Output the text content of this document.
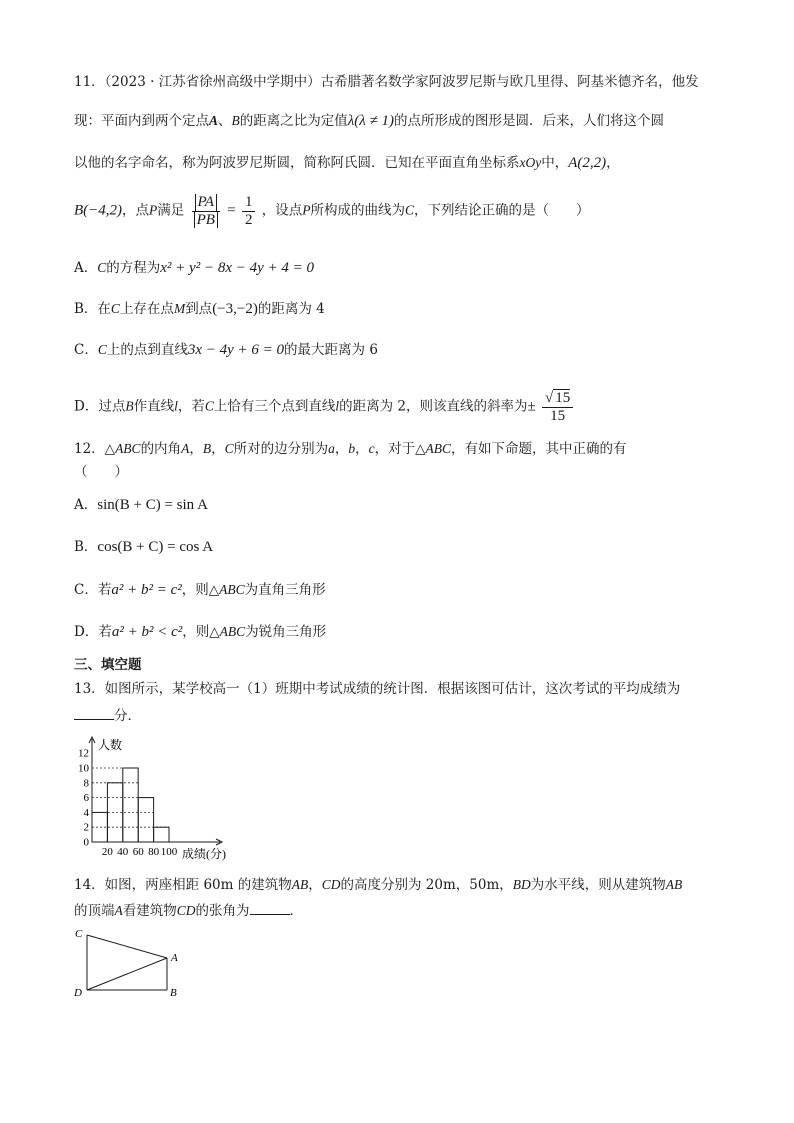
11．（2023 · 江苏省徐州高级中学期中）古希腊著名数学家阿波罗尼斯与欧几里得、阿基米德齐名，他发
现：平面内到两个定点A、B的距离之比为定值λ(λ ≠ 1)的点所形成的图形是圆．后来，人们将这个圆
以他的名字命名，称为阿波罗尼斯圆，简称阿氏圆．已知在平面直角坐标系xOy中，A(2,2)，
B(−4,2)，点P满足 $\frac{PA}{PB} = \frac{1}{2}$ ，设点P所构成的曲线为C，下列结论正确的是（　　）
A．C的方程为x² + y² − 8x − 4y + 4 = 0
B．在C上存在点M到点(−3,−2)的距离为 4
C．C上的点到直线3x − 4y + 6 = 0的最大距离为 6
D．过点B作直线l，若C上恰有三个点到直线l的距离为 2，则该直线的斜率为± $\frac{√ 15}{15}$
12．△ABC的内角A，B，C所对的边分别为a，b，c，对于△ABC，有如下命题，其中正确的有
（　　）
A．sin(B + C) = sin A
B．cos(B + C) = cos A
C．若a² + b² = c²，则△ABC为直角三角形
D．若a² + b² < c²，则△ABC为锐角三角形
三、填空题
13．如图所示，某学校高一（1）班期中考试成绩的统计图．根据该图可估计，这次考试的平均成绩为
分．
0
2
4
6
8
10
12
20 40 60 80 100
人数
成绩(分)
14．如图，两座相距 60m 的建筑物AB，CD的高度分别为 20m，50m，BD为水平线，则从建筑物AB
的顶端A看建筑物CD的张角为	．
C
A
D	B
